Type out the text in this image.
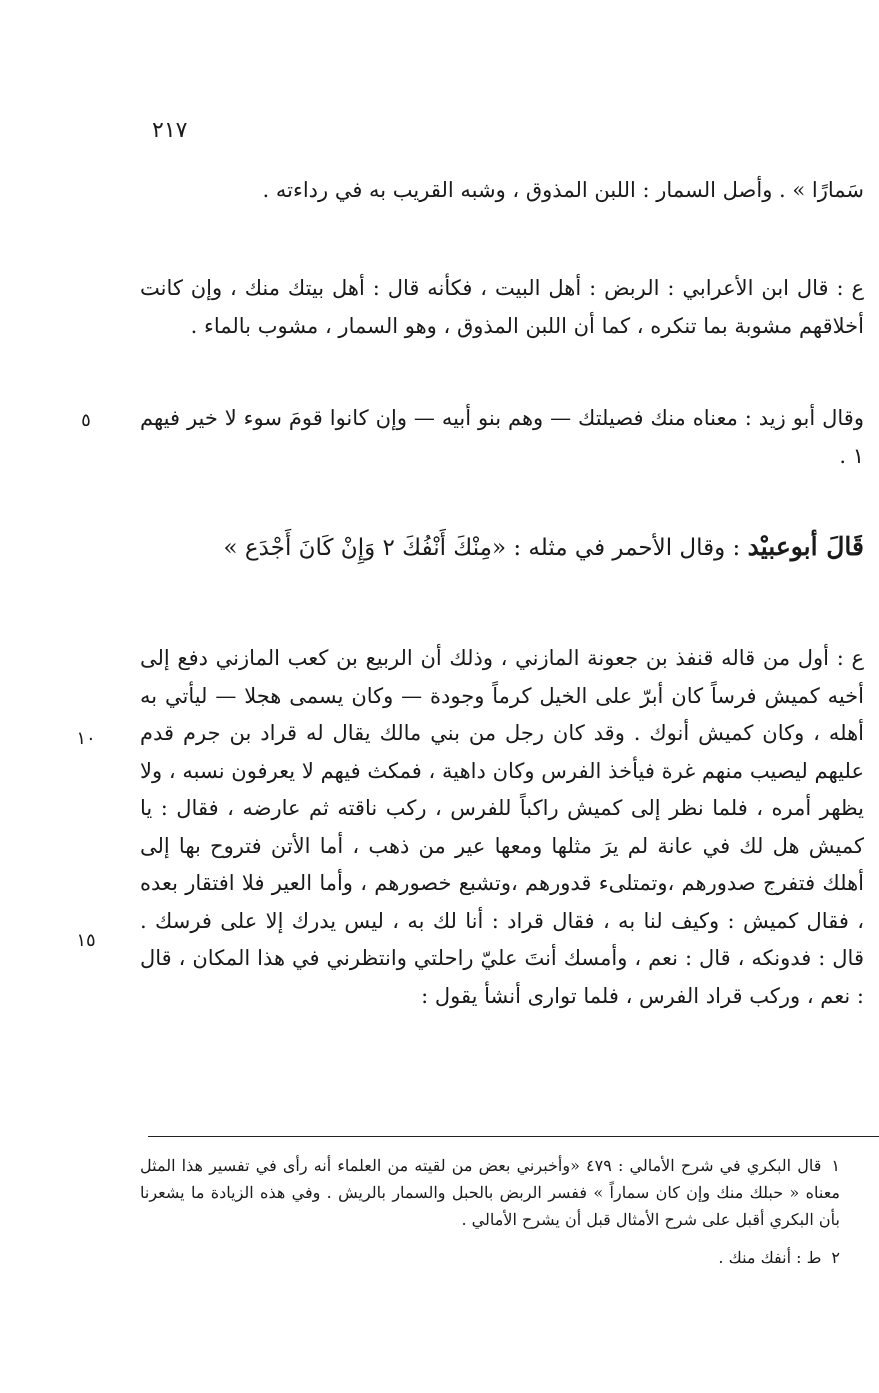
٢١٧

سَمارًا » . وأصل السمار : اللبن المذوق ، وشبه القريب به في رداءته .

ع : قال ابن الأعرابي : الربض : أهل البيت ، فكأنه قال : أهل بيتك منك ، وإن كانت أخلاقهم مشوبة بما تنكره ، كما أن اللبن المذوق ، وهو السمار ، مشوب بالماء .

وقال أبو زيد : معناه منك فصيلتك — وهم بنو أبيه — وإن كانوا قومَ سوء لا خير فيهم ١ .

٥
قَالَ أبوعبيْد : وقال الأحمر في مثله : «مِنْكَ أَنْفُكَ ٢ وَإِنْ كَانَ أَجْدَع »

ع : أول من قاله قنفذ بن جعونة المازني ، وذلك أن الربيع بن كعب المازني دفع إلى أخيه كميش فرساً كان أبرّ على الخيل كرماً وجودة — وكان يسمى هجلا — ليأتي به أهله ، وكان كميش أنوك . وقد كان رجل من بني مالك يقال له قراد بن جرم قدم عليهم ليصيب منهم غرة فيأخذ الفرس وكان داهية ، فمكث فيهم لا يعرفون نسبه ، ولا يظهر أمره ، فلما نظر إلى كميش راكباً للفرس ، ركب ناقته ثم عارضه ، فقال : يا كميش هل لك في عانة لم يرَ مثلها ومعها عير من ذهب ، أما الأتن فتروح بها إلى أهلك فتفرج صدورهم ،وتمتلىء قدورهم ،وتشبع خصورهم ، وأما العير فلا افتقار بعده ، فقال كميش : وكيف لنا به ، فقال قراد : أنا لك به ، ليس يدرك إلا على فرسك . قال : فدونكه ، قال : نعم ، وأمسك أنتَ عليّ راحلتي وانتظرني في هذا المكان ، قال : نعم ، وركب قراد الفرس ، فلما توارى أنشأ يقول :

١٠
١٥

١قال البكري في شرح الأمالي : ٤٧٩ «وأخبرني بعض من لقيته من العلماء أنه رأى في تفسير هذا المثل معناه « حبلك منك وإن كان سماراً » ففسر الربض بالحبل والسمار بالريش . وفي هذه الزيادة ما يشعرنا بأن البكري أقبل على شرح الأمثال قبل أن يشرح الأمالي .

٢ط : أنفك منك .
